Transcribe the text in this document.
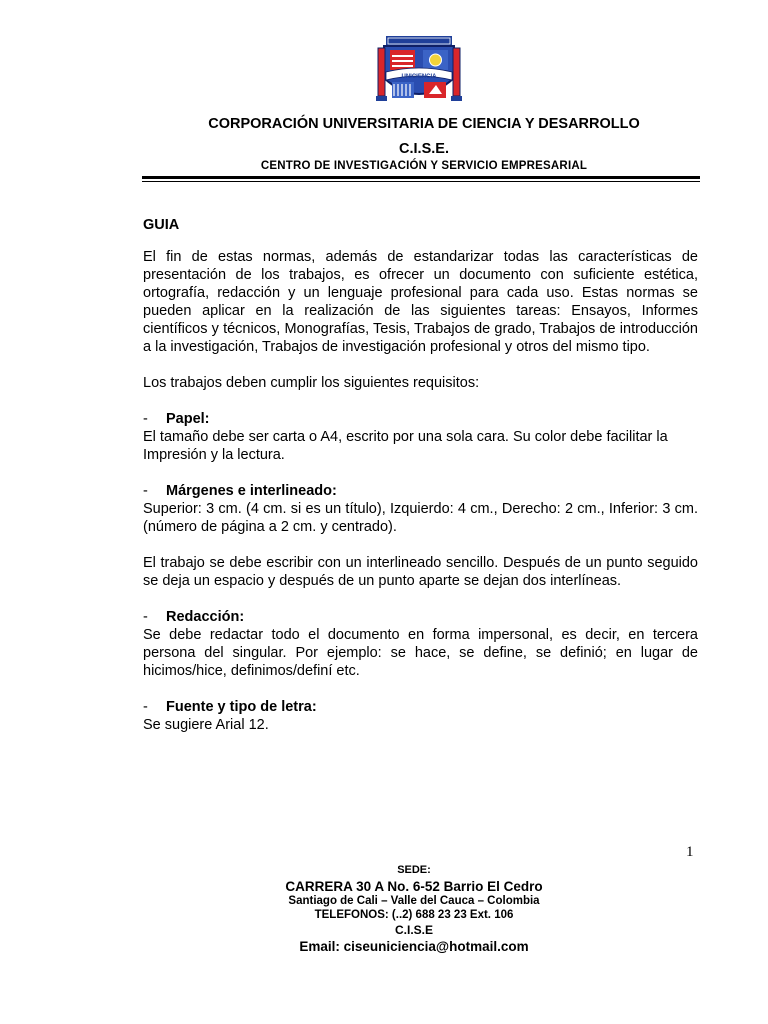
UNICIENCIA
CORPORACIÓN UNIVERSITARIA DE CIENCIA Y DESARROLLO
C.I.S.E.
CENTRO DE INVESTIGACIÓN Y SERVICIO EMPRESARIAL

GUIA

El fin de estas normas, además de estandarizar todas las características de presentación de los trabajos, es ofrecer un documento con suficiente estética, ortografía, redacción y un lenguaje profesional para cada uso. Estas normas se pueden aplicar en la realización de las siguientes tareas: Ensayos, Informes científicos y técnicos, Monografías, Tesis, Trabajos de grado, Trabajos de introducción a la investigación, Trabajos de investigación profesional y otros del mismo tipo.

Los trabajos deben cumplir los siguientes requisitos:

- Papel:

El tamaño debe ser carta o A4, escrito por una sola cara. Su color debe facilitar la Impresión y la lectura.

- Márgenes e interlineado:

Superior: 3 cm. (4 cm. si es un título), Izquierdo: 4 cm., Derecho: 2 cm., Inferior: 3 cm. (número de página a 2 cm. y centrado).

El trabajo se debe escribir con un interlineado sencillo. Después de un punto seguido se deja un espacio y después de un punto aparte se dejan dos interlíneas.

- Redacción:

Se debe redactar todo el documento en forma impersonal, es decir, en tercera persona del singular. Por ejemplo: se hace, se define, se definió; en lugar de hicimos/hice, definimos/definí etc.

- Fuente y tipo de letra:

Se sugiere Arial 12.

1
SEDE:
CARRERA 30 A No. 6-52 Barrio El Cedro
Santiago de Cali – Valle del Cauca – Colombia
TELEFONOS: (..2) 688 23 23 Ext. 106
C.I.S.E
Email: ciseuniciencia@hotmail.com
